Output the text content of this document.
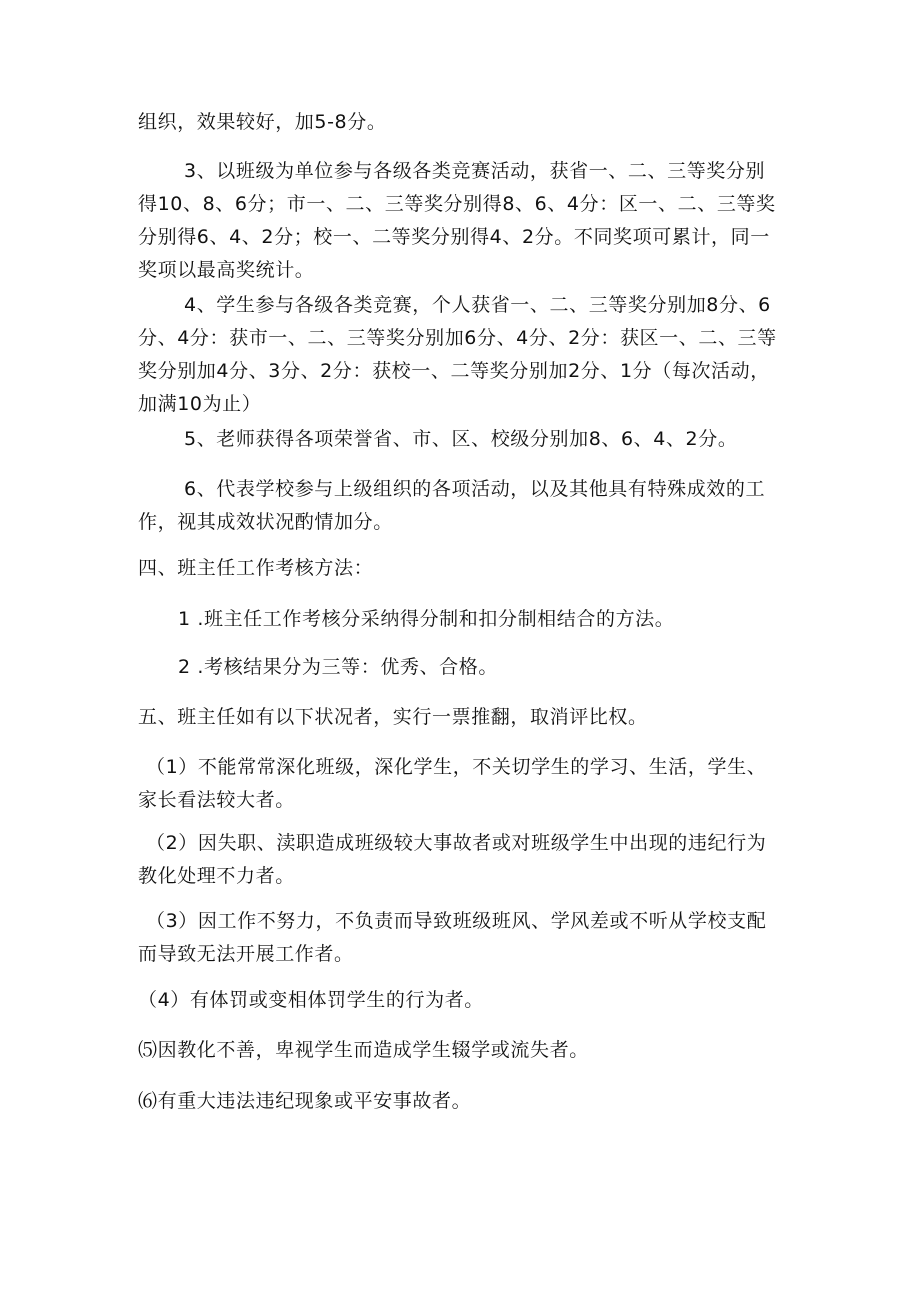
组织，效果较好，加5-8分。
3、以班级为单位参与各级各类竞赛活动，获省一、二、三等奖分别
得10、8、6分；市一、二、三等奖分别得8、6、4分：区一、二、三等奖
分别得6、4、2分；校一、二等奖分别得4、2分。不同奖项可累计，同一
奖项以最高奖统计。
4、学生参与各级各类竞赛，个人获省一、二、三等奖分别加8分、6
分、4分：获市一、二、三等奖分别加6分、4分、2分：获区一、二、三等
奖分别加4分、3分、2分：获校一、二等奖分别加2分、1分（每次活动，
加满10为止）
5、老师获得各项荣誉省、市、区、校级分别加8、6、4、2分。
6、代表学校参与上级组织的各项活动，以及其他具有特殊成效的工
作，视其成效状况酌情加分。
四、班主任工作考核方法：
1 .班主任工作考核分采纳得分制和扣分制相结合的方法。
2 .考核结果分为三等：优秀、合格。
五、班主任如有以下状况者，实行一票推翻，取消评比权。
（1）不能常常深化班级，深化学生，不关切学生的学习、生活，学生、
家长看法较大者。
（2）因失职、渎职造成班级较大事故者或对班级学生中出现的违纪行为
教化处理不力者。
（3）因工作不努力，不负责而导致班级班风、学风差或不听从学校支配
而导致无法开展工作者。
（4）有体罚或变相体罚学生的行为者。
⑸因教化不善，卑视学生而造成学生辍学或流失者。
⑹有重大违法违纪现象或平安事故者。
